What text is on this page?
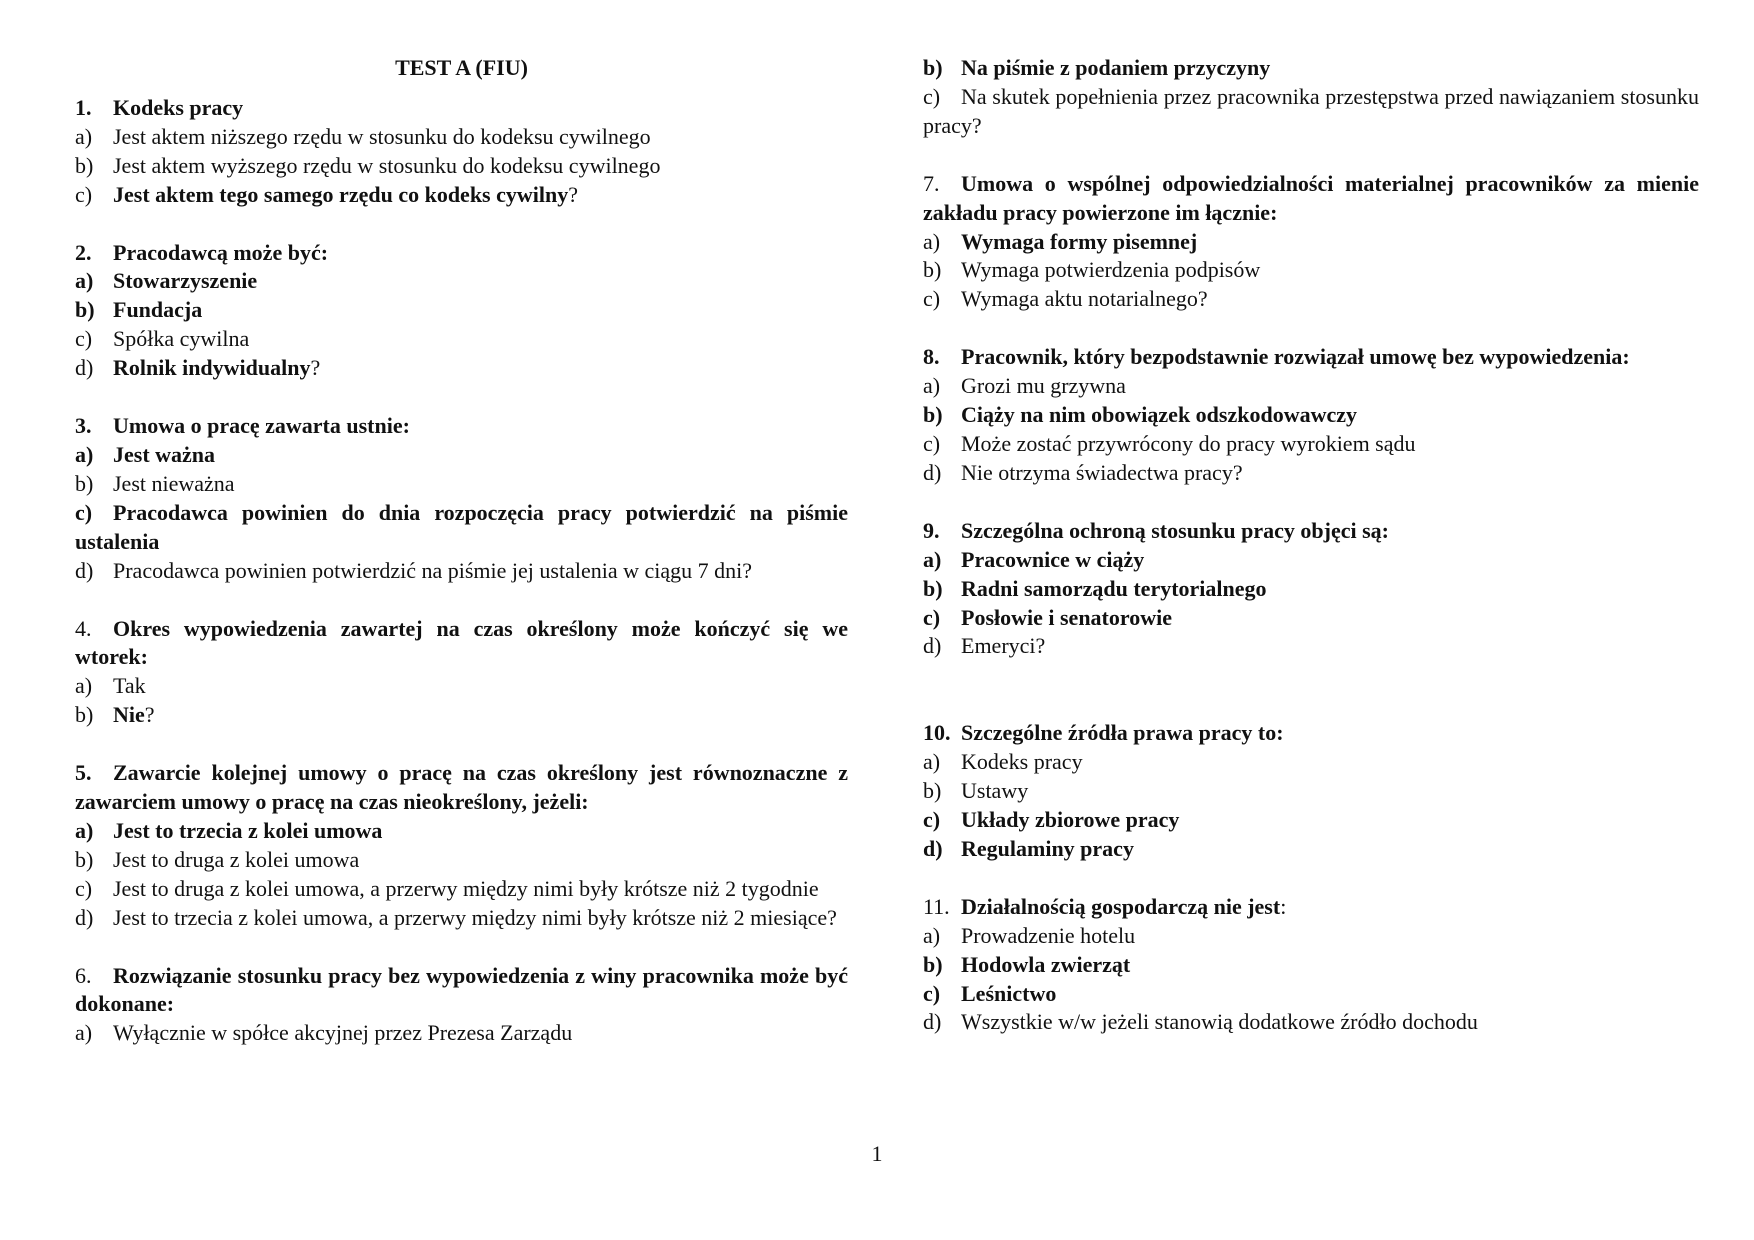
TEST A (FIU)
1. Kodeks pracy
a) Jest aktem niższego rzędu w stosunku do kodeksu cywilnego
b) Jest aktem wyższego rzędu w stosunku do kodeksu cywilnego
c) Jest aktem tego samego rzędu co kodeks cywilny?
2. Pracodawcą może być:
a) Stowarzyszenie
b) Fundacja
c) Spółka cywilna
d) Rolnik indywidualny?
3. Umowa o pracę zawarta ustnie:
a) Jest ważna
b) Jest nieważna
c) Pracodawca powinien do dnia rozpoczęcia pracy potwierdzić na piśmie ustalenia
d) Pracodawca powinien potwierdzić na piśmie jej ustalenia w ciągu 7 dni?
4. Okres wypowiedzenia zawartej na czas określony może kończyć się we wtorek:
a) Tak
b) Nie?
5. Zawarcie kolejnej umowy o pracę na czas określony jest równoznaczne z zawarciem umowy o pracę na czas nieokreślony, jeżeli:
a) Jest to trzecia z kolei umowa
b) Jest to druga z kolei umowa
c) Jest to druga z kolei umowa, a przerwy między nimi były krótsze niż 2 tygodnie
d) Jest to trzecia z kolei umowa, a przerwy między nimi były krótsze niż 2 miesiące?
6. Rozwiązanie stosunku pracy bez wypowiedzenia z winy pracownika może być dokonane:
a) Wyłącznie w spółce akcyjnej przez Prezesa Zarządu
b) Na piśmie z podaniem przyczyny
c) Na skutek popełnienia przez pracownika przestępstwa przed nawiązaniem stosunku pracy?
7. Umowa o wspólnej odpowiedzialności materialnej pracowników za mienie zakładu pracy powierzone im łącznie:
a) Wymaga formy pisemnej
b) Wymaga potwierdzenia podpisów
c) Wymaga aktu notarialnego?
8. Pracownik, który bezpodstawnie rozwiązał umowę bez wypowiedzenia:
a) Grozi mu grzywna
b) Ciąży na nim obowiązek odszkodowawczy
c) Może zostać przywrócony do pracy wyrokiem sądu
d) Nie otrzyma świadectwa pracy?
9. Szczególna ochroną stosunku pracy objęci są:
a) Pracownice w ciąży
b) Radni samorządu terytorialnego
c) Posłowie i senatorowie
d) Emeryci?
10. Szczególne źródła prawa pracy to:
a) Kodeks pracy
b) Ustawy
c) Układy zbiorowe pracy
d) Regulaminy pracy
11. Działalnością gospodarczą nie jest :
a) Prowadzenie hotelu
b) Hodowla zwierząt
c) Leśnictwo
d) Wszystkie w/w jeżeli stanowią dodatkowe źródło dochodu
1
